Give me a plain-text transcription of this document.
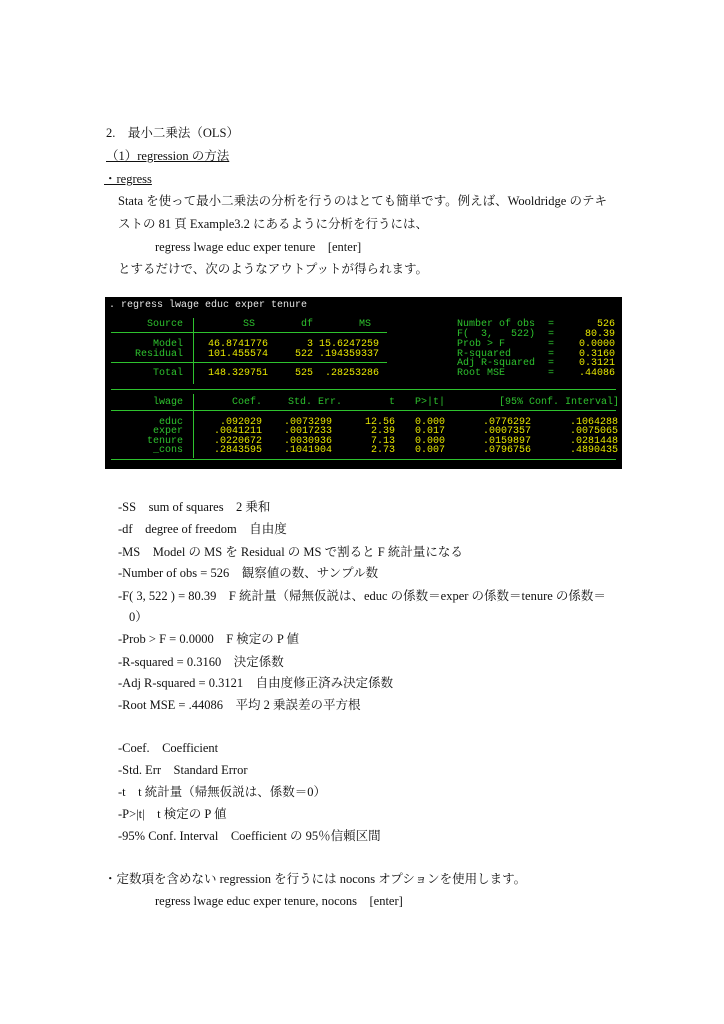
2.　最小二乗法（OLS）
（1）regression の方法
・regress
Stata を使って最小二乗法の分析を行うのはとても簡単です。例えば、Wooldridge のテキ
ストの 81 頁 Example3.2 にあるように分析を行うには、
regress lwage educ exper tenure　[enter]
とするだけで、次のようなアウトプットが得られます。
. regress lwage educ exper tenure
Source	SS	df	MS
Model	46.8741776	3 15.6247259
Residual	101.455574	522 .194359337
Total	148.329751	525 .28253286
Number of obs =	526
F(  3,   522) =	80.39
Prob > F	=	0.0000
R-squared	=	0.3160
Adj R-squared =	0.3121
Root MSE	=	.44086
lwage	Coef.	Std. Err.	t	P>|t|	[95% Conf. Interval]
educ	.092029	.0073299	12.56	0.000	.0776292	.1064288
exper	.0041211	.0017233	2.39	0.017	.0007357	.0075065
tenure	.0220672	.0030936	7.13	0.000	.0159897	.0281448
_cons	.2843595	.1041904	2.73	0.007	.0796756	.4890435
‐SS　sum of squares　2 乗和
‐df　degree of freedom　自由度
‐MS　Model の MS を Residual の MS で割ると F 統計量になる
‐Number of obs = 526　観察値の数、サンプル数
‐F( 3, 522 ) = 80.39　F 統計量（帰無仮説は、educ の係数＝exper の係数＝tenure の係数＝
0）
‐Prob > F = 0.0000　F 検定の P 値
‐R-squared = 0.3160　決定係数
‐Adj R-squared = 0.3121　自由度修正済み決定係数
‐Root MSE = .44086　平均 2 乗誤差の平方根
‐Coef.　Coefficient
‐Std. Err　Standard Error
‐t　t 統計量（帰無仮説は、係数＝0）
‐P>|t|　t 検定の P 値
‐95% Conf. Interval　Coefficient の 95％信頼区間
・定数項を含めない regression を行うには nocons オプションを使用します。
regress lwage educ exper tenure, nocons　[enter]
